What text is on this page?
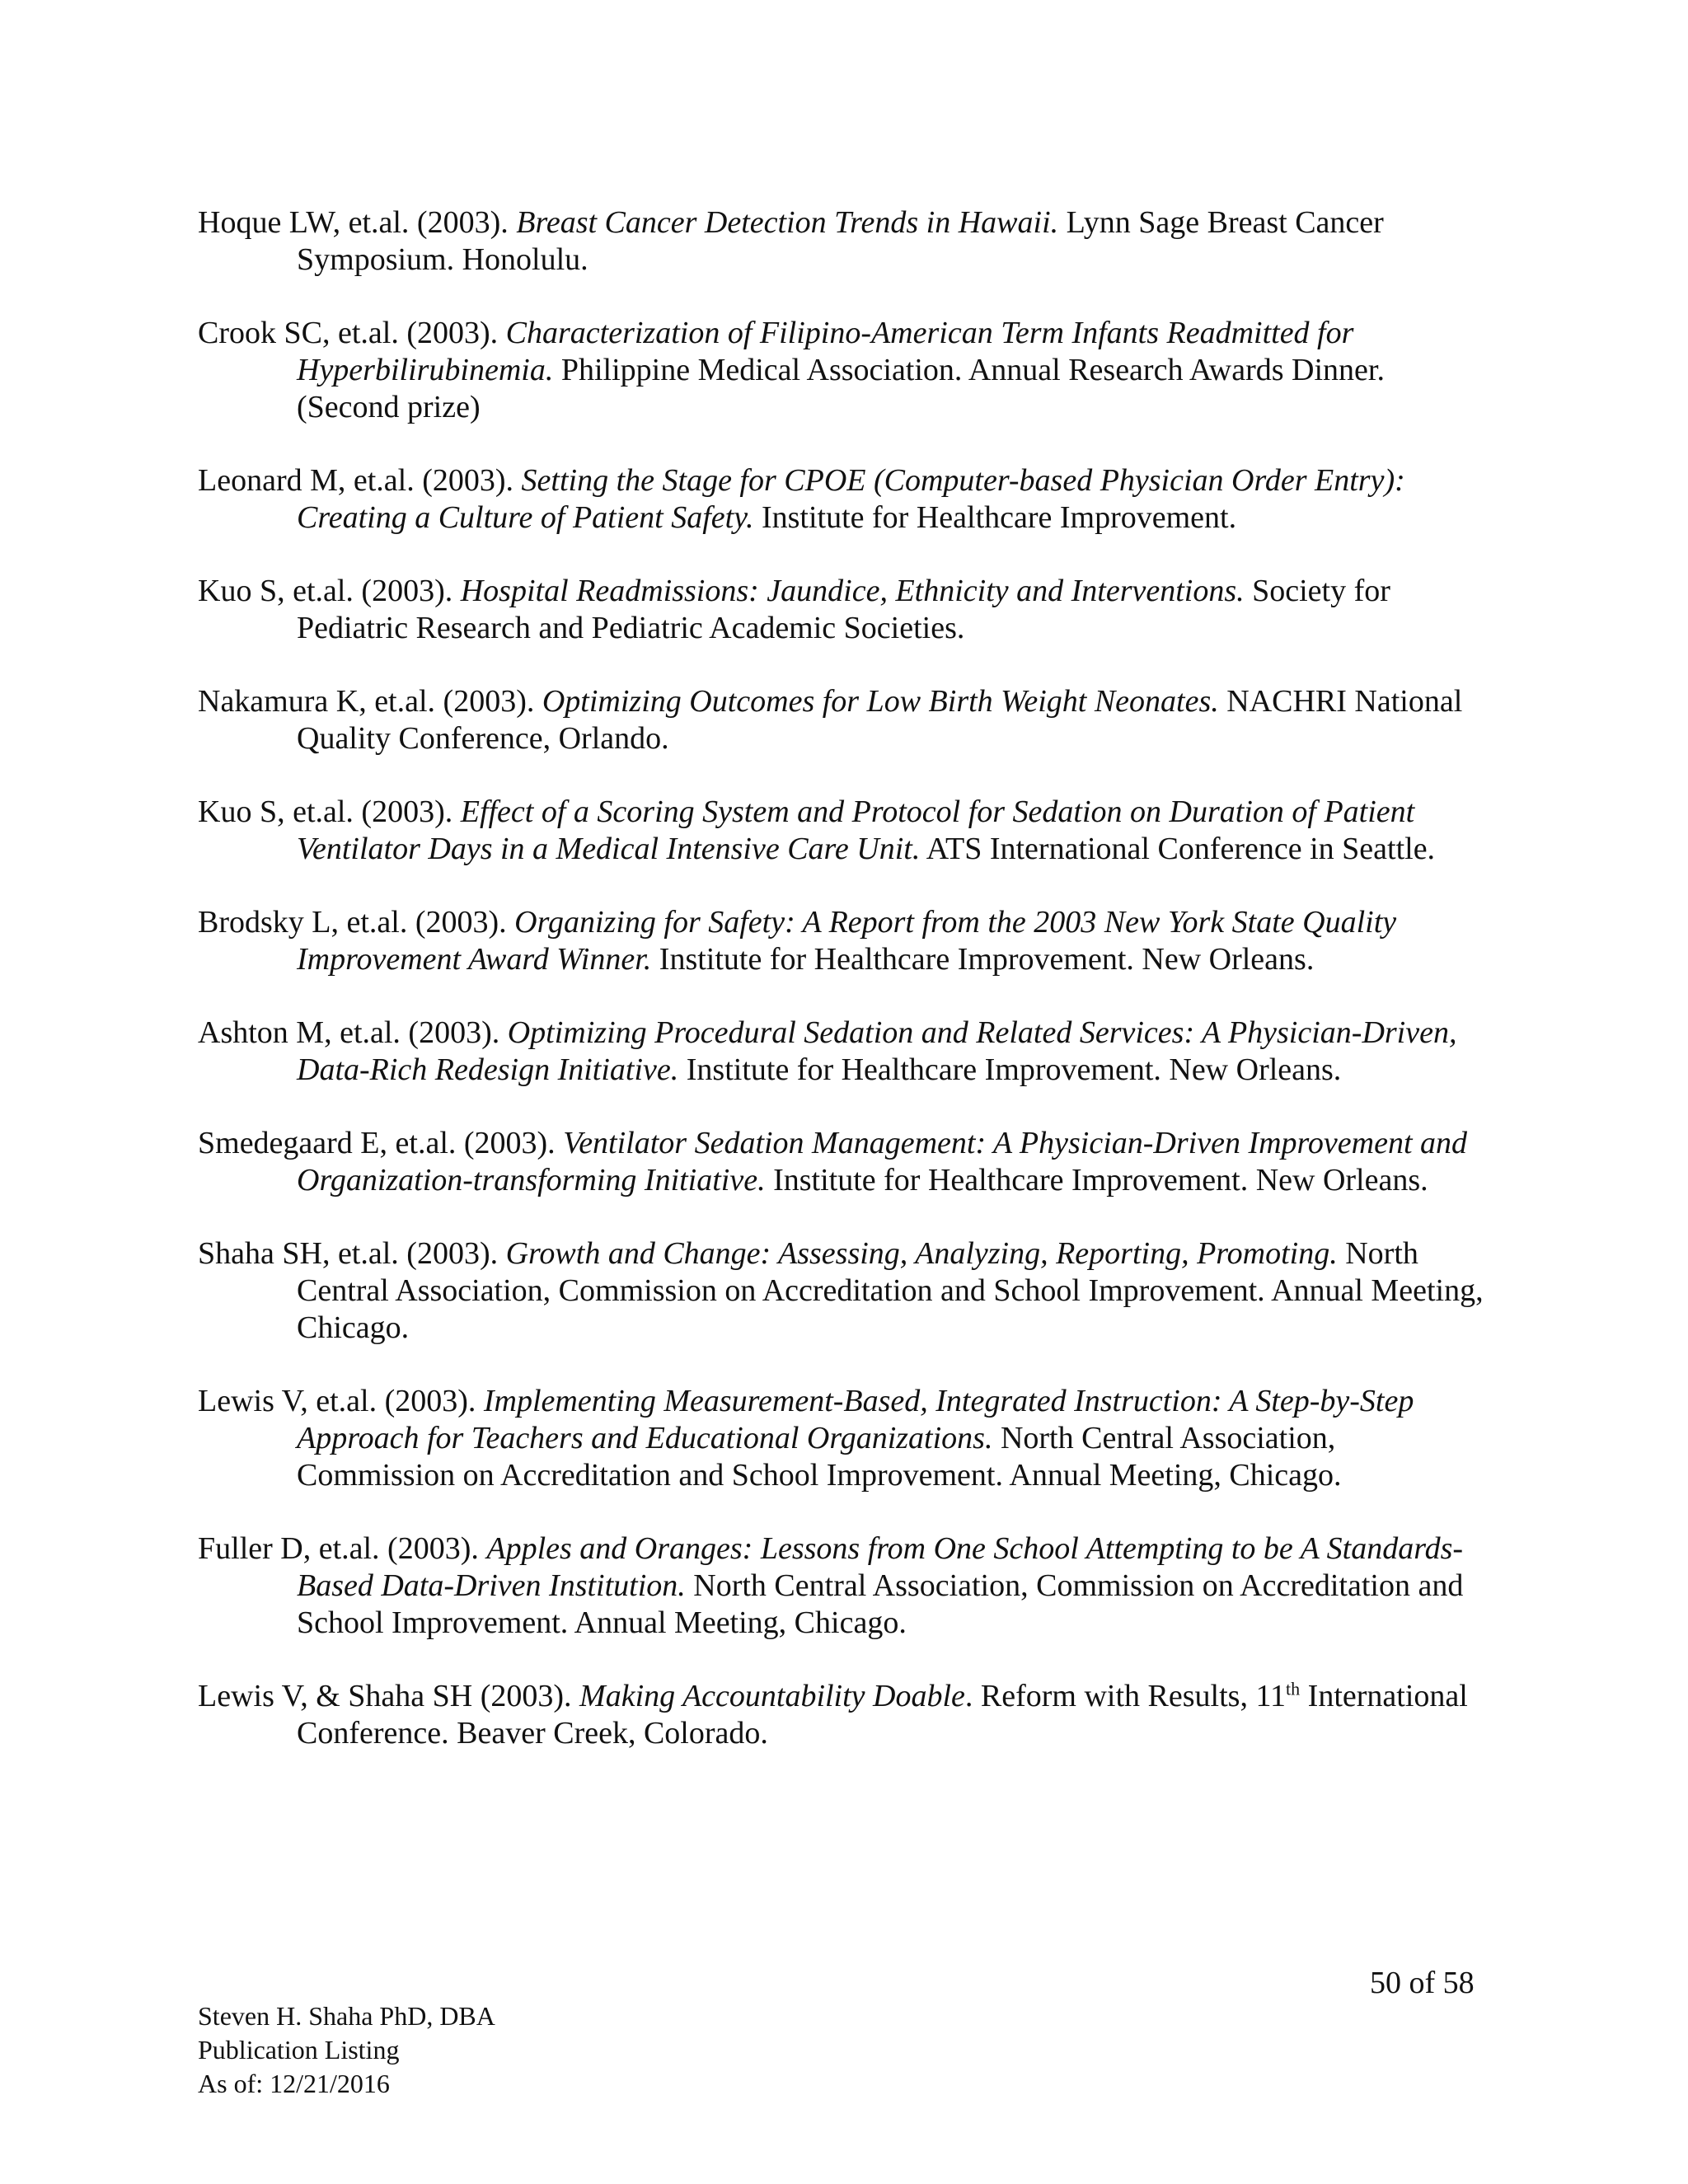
Hoque LW, et.al. (2003). Breast Cancer Detection Trends in Hawaii. Lynn Sage Breast Cancer Symposium. Honolulu.

Crook SC, et.al. (2003). Characterization of Filipino-American Term Infants Readmitted for Hyperbilirubinemia. Philippine Medical Association. Annual Research Awards Dinner. (Second prize)

Leonard M, et.al. (2003). Setting the Stage for CPOE (Computer-based Physician Order Entry): Creating a Culture of Patient Safety. Institute for Healthcare Improvement.

Kuo S, et.al. (2003). Hospital Readmissions: Jaundice, Ethnicity and Interventions. Society for Pediatric Research and Pediatric Academic Societies.

Nakamura K, et.al. (2003). Optimizing Outcomes for Low Birth Weight Neonates. NACHRI National Quality Conference, Orlando.

Kuo S, et.al. (2003). Effect of a Scoring System and Protocol for Sedation on Duration of Patient Ventilator Days in a Medical Intensive Care Unit. ATS International Conference in Seattle.

Brodsky L, et.al. (2003). Organizing for Safety: A Report from the 2003 New York State Quality Improvement Award Winner. Institute for Healthcare Improvement. New Orleans.

Ashton M, et.al. (2003). Optimizing Procedural Sedation and Related Services: A Physician-Driven, Data-Rich Redesign Initiative. Institute for Healthcare Improvement. New Orleans.

Smedegaard E, et.al. (2003). Ventilator Sedation Management: A Physician-Driven Improvement and Organization-transforming Initiative. Institute for Healthcare Improvement. New Orleans.

Shaha SH, et.al. (2003). Growth and Change: Assessing, Analyzing, Reporting, Promoting. North Central Association, Commission on Accreditation and School Improvement. Annual Meeting, Chicago.

Lewis V, et.al. (2003). Implementing Measurement-Based, Integrated Instruction: A Step-by-Step Approach for Teachers and Educational Organizations. North Central Association, Commission on Accreditation and School Improvement. Annual Meeting, Chicago.

Fuller D, et.al. (2003). Apples and Oranges: Lessons from One School Attempting to be A Standards-Based Data-Driven Institution. North Central Association, Commission on Accreditation and School Improvement. Annual Meeting, Chicago.

Lewis V, & Shaha SH (2003). Making Accountability Doable. Reform with Results, 11th International Conference. Beaver Creek, Colorado.

50 of 58
Steven H. Shaha PhD, DBA
Publication Listing
As of: 12/21/2016
